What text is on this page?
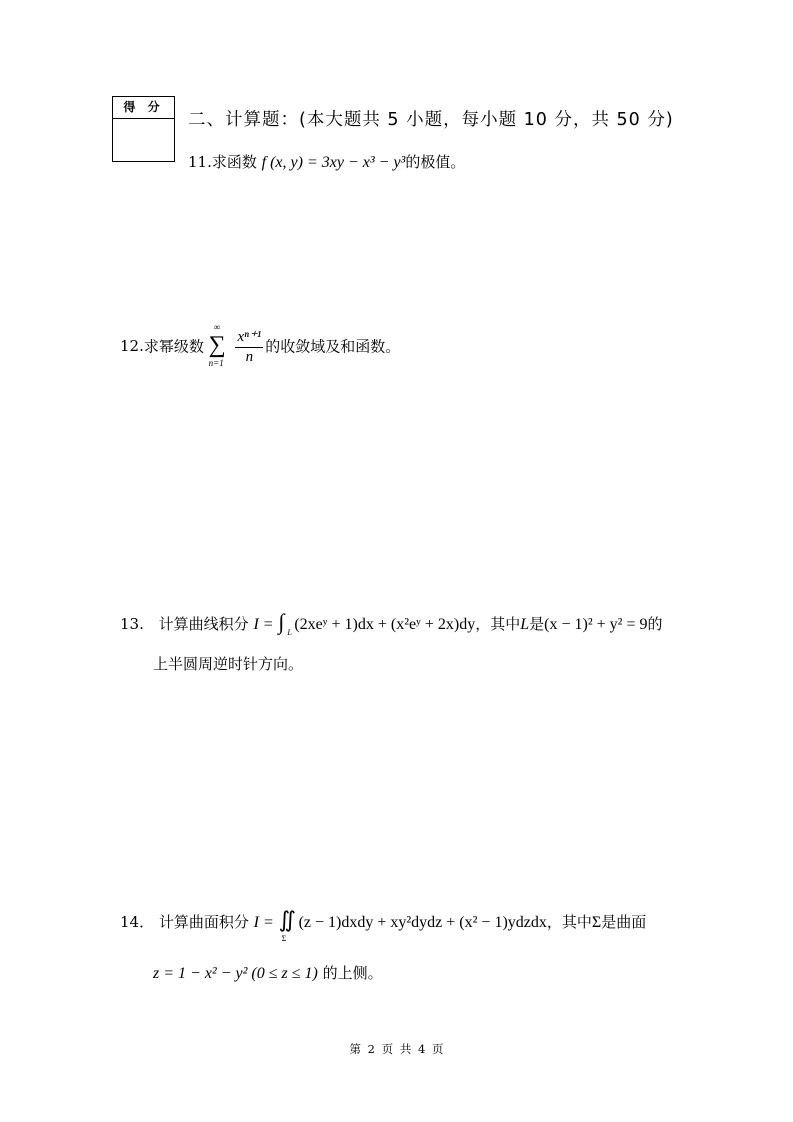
得 分
二、计算题：(本大题共 5 小题，每小题 10 分，共 50 分)
11.求函数 f (x, y) = 3xy − x³ − y³的极值。
12.求幂级数
∞
∑
n=1
$\frac{\text{xⁿ⁺¹}}{n}$ 的收敛域及和函数。
13. 计算曲线积分 I = ∫ L (2xeʸ + 1)dx + (x²eʸ + 2x)dy，其中L是(x − 1)² + y² = 9的
上半圆周逆时针方向。
14． 计算曲面积分 I = ∬
Σ
(z − 1)dxdy + xy²dydz + (x² − 1)ydzdx，其中Σ是曲面
z = 1 − x² − y² (0 ≤ z ≤ 1) 的上侧。
第 2 页 共 4 页
